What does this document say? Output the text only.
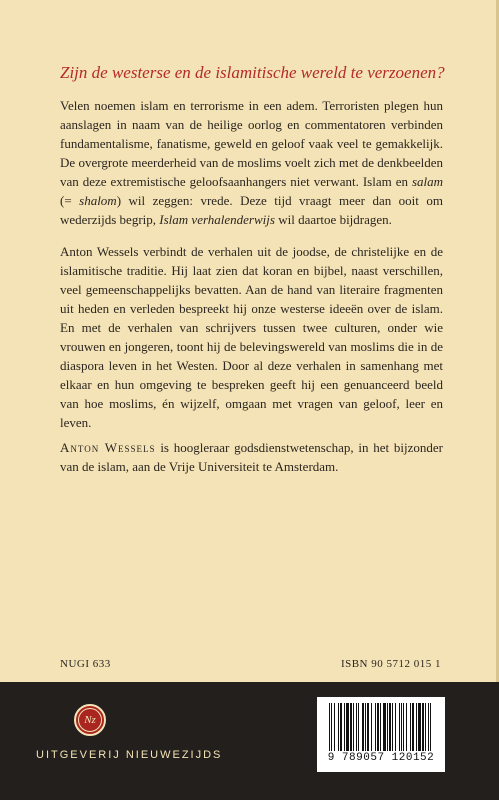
Zijn de westerse en de islamitische wereld te verzoenen?

Velen noemen islam en terrorisme in een adem. Terroristen plegen hun aanslagen in naam van de heilige oorlog en commentatoren verbinden fundamentalisme, fanatisme, geweld en geloof vaak veel te gemakkelijk. De overgrote meerderheid van de moslims voelt zich met de denkbeelden van deze extremistische geloofsaanhangers niet verwant. Islam en salam (= shalom) wil zeggen: vrede. Deze tijd vraagt meer dan ooit om wederzijds begrip, Islam verhalenderwijs wil daartoe bijdragen.

Anton Wessels verbindt de verhalen uit de joodse, de christelijke en de islamitische traditie. Hij laat zien dat koran en bijbel, naast verschillen, veel gemeenschappelijks bevatten. Aan de hand van literaire fragmenten uit heden en verleden bespreekt hij onze westerse ideeën over de islam. En met de verhalen van schrijvers tussen twee culturen, onder wie vrouwen en jongeren, toont hij de belevingswereld van moslims die in de diaspora leven in het Westen. Door al deze verhalen in samenhang met elkaar en hun omgeving te bespreken geeft hij een genuanceerd beeld van hoe moslims, én wijzelf, omgaan met vragen van geloof, leer en leven.

Anton Wessels is hoogleraar godsdienstwetenschap, in het bijzonder van de islam, aan de Vrije Universiteit te Amsterdam.

NUGI 633	ISBN 90 5712 015 1
Nz
UITGEVERIJ NIEUWEZIJDS	9 789057 120152
